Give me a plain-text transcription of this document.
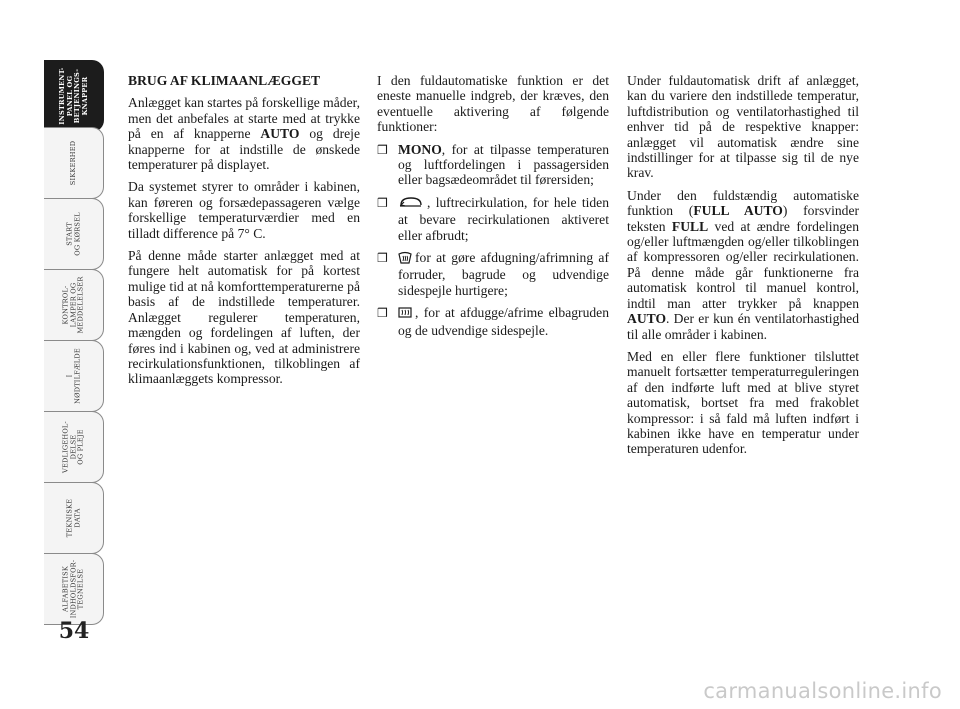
INSTRUMENT-
PANEL OG
BETJENINGS-
KNAPPER
SIKKERHED
START
OG KØRSEL
KONTROL-
LAMPER OG
MEDDELELSER
I
NØDTILFÆLDE
VEDLIGEHOL-
DELSE
OG PLEJE
TEKNISKE
DATA
ALFABETISK
INDHOLDSFOR-
TEGNELSE
54

BRUG AF KLIMAANLÆGGET

Anlægget kan startes på forskellige måder, men det anbefales at starte med at trykke på en af knapperne AUTO og dreje knapperne for at indstille de ønskede temperaturer på displayet.

Da systemet styrer to områder i kabinen, kan føreren og forsædepassageren vælge forskellige temperaturværdier med en tilladt difference på 7° C.

På denne måde starter anlægget med at fungere helt automatisk for på kortest mulige tid at nå komforttemperaturerne på basis af de indstillede temperaturer. Anlægget regulerer temperaturen, mængden og fordelingen af luften, der føres ind i kabinen og, ved at administrere recirkulationsfunktionen, tilkoblingen af klimaanlæggets kompressor.

I den fuldautomatiske funktion er det eneste manuelle indgreb, der kræves, den eventuelle aktivering af følgende funktioner:

❒ MONO, for at tilpasse temperaturen og luftfordelingen i passagersiden eller bagsædeområdet til førersiden;
❒	, luftrecirkulation, for hele tiden at bevare recirkulationen aktiveret eller afbrudt;
❒ for at gøre afdugning/afrimning af forruder, bagrude og udvendige sidespejle hurtigere;
❒ , for at afdugge/afrime elbagruden og de udvendige sidespejle.

Under fuldautomatisk drift af anlægget, kan du variere den indstillede temperatur, luftdistribution og ventilatorhastighed til enhver tid på de respektive knapper: anlægget vil automatisk ændre sine indstillinger for at tilpasse sig til de nye krav.

Under den fuldstændig automatiske funktion (FULL AUTO) forsvinder teksten FULL ved at ændre fordelingen og/eller luftmængden og/eller tilkoblingen af kompressoren og/eller recirkulationen. På denne måde går funktionerne fra automatisk kontrol til manuel kontrol, indtil man atter trykker på knappen AUTO. Der er kun én ventilatorhastighed til alle områder i kabinen.

Med en eller flere funktioner tilsluttet manuelt fortsætter temperaturreguleringen af den indførte luft med at blive styret automatisk, bortset fra med frakoblet kompressor: i så fald må luften indført i kabinen ikke have en temperatur under temperaturen udenfor.

carmanualsonline.info
